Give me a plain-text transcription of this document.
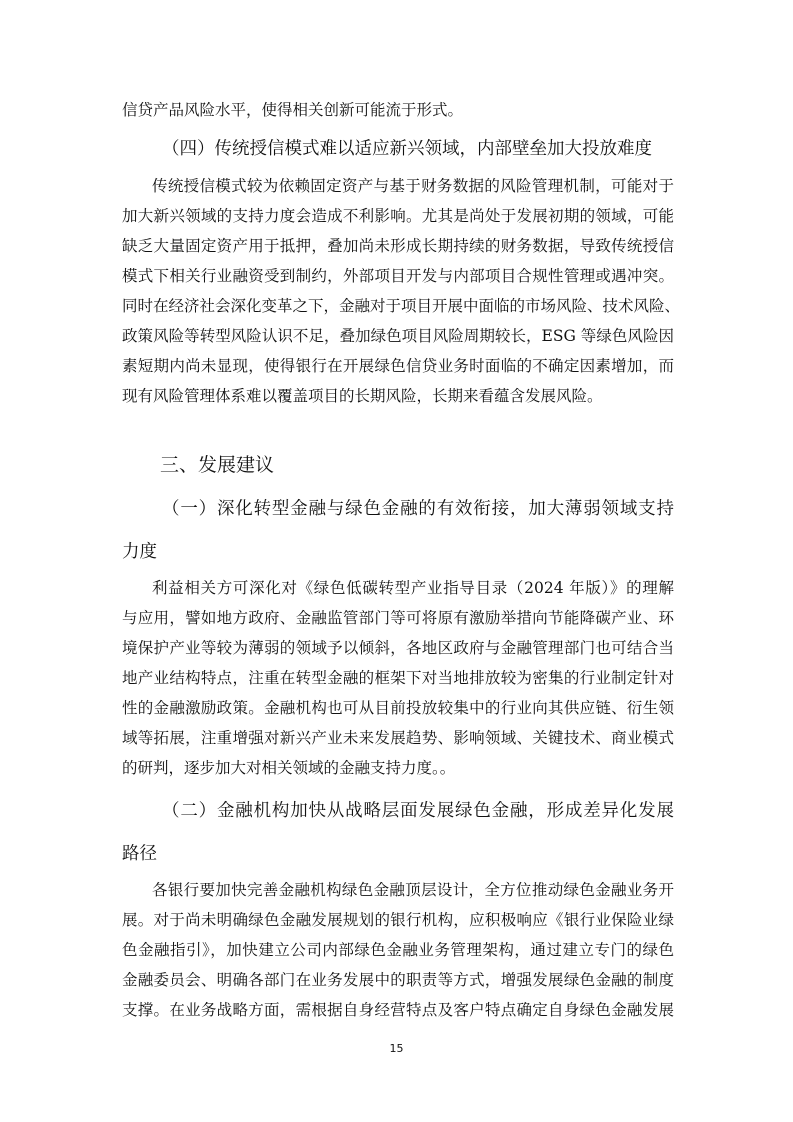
信贷产品风险水平，使得相关创新可能流于形式。
（四）传统授信模式难以适应新兴领域，内部壁垒加大投放难度
传统授信模式较为依赖固定资产与基于财务数据的风险管理机制，可能对于
加大新兴领域的支持力度会造成不利影响。尤其是尚处于发展初期的领域，可能
缺乏大量固定资产用于抵押，叠加尚未形成长期持续的财务数据，导致传统授信
模式下相关行业融资受到制约，外部项目开发与内部项目合规性管理或遇冲突。
同时在经济社会深化变革之下，金融对于项目开展中面临的市场风险、技术风险、
政策风险等转型风险认识不足，叠加绿色项目风险周期较长，ESG 等绿色风险因
素短期内尚未显现，使得银行在开展绿色信贷业务时面临的不确定因素增加，而
现有风险管理体系难以覆盖项目的长期风险，长期来看蕴含发展风险。
三、发展建议
（一）深化转型金融与绿色金融的有效衔接，加大薄弱领域支持
力度
利益相关方可深化对《绿色低碳转型产业指导目录（2024 年版）》的理解
与应用，譬如地方政府、金融监管部门等可将原有激励举措向节能降碳产业、环
境保护产业等较为薄弱的领域予以倾斜，各地区政府与金融管理部门也可结合当
地产业结构特点，注重在转型金融的框架下对当地排放较为密集的行业制定针对
性的金融激励政策。金融机构也可从目前投放较集中的行业向其供应链、衍生领
域等拓展，注重增强对新兴产业未来发展趋势、影响领域、关键技术、商业模式
的研判，逐步加大对相关领域的金融支持力度。。
（二）金融机构加快从战略层面发展绿色金融，形成差异化发展
路径
各银行要加快完善金融机构绿色金融顶层设计，全方位推动绿色金融业务开
展。对于尚未明确绿色金融发展规划的银行机构，应积极响应《银行业保险业绿
色金融指引》，加快建立公司内部绿色金融业务管理架构，通过建立专门的绿色
金融委员会、明确各部门在业务发展中的职责等方式，增强发展绿色金融的制度
支撑。在业务战略方面，需根据自身经营特点及客户特点确定自身绿色金融发展
15
